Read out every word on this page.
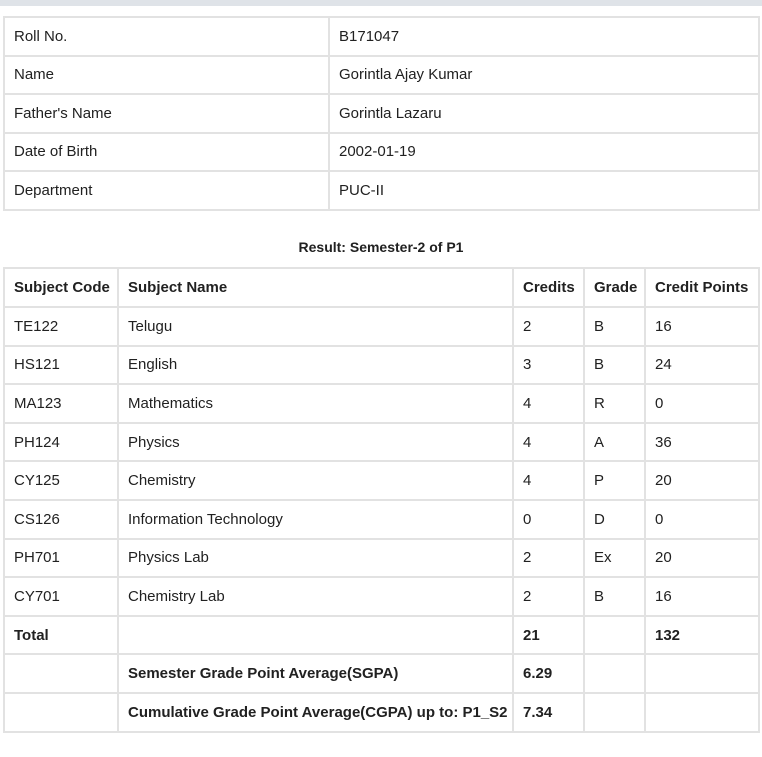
Roll No.	B171047
Name	Gorintla Ajay Kumar
Father's Name	Gorintla Lazaru
Date of Birth	2002-01-19
Department	PUC-II
Result: Semester-2 of P1
Subject Code	Subject Name	Credits	Grade	Credit Points
TE122	Telugu	2	B	16
HS121	English	3	B	24
MA123	Mathematics	4	R	0
PH124	Physics	4	A	36
CY125	Chemistry	4	P	20
CS126	Information Technology	0	D	0
PH701	Physics Lab	2	Ex	20
CY701	Chemistry Lab	2	B	16
Total		21		132
	Semester Grade Point Average(SGPA)	6.29		
	Cumulative Grade Point Average(CGPA) up to: P1_S2	7.34		
